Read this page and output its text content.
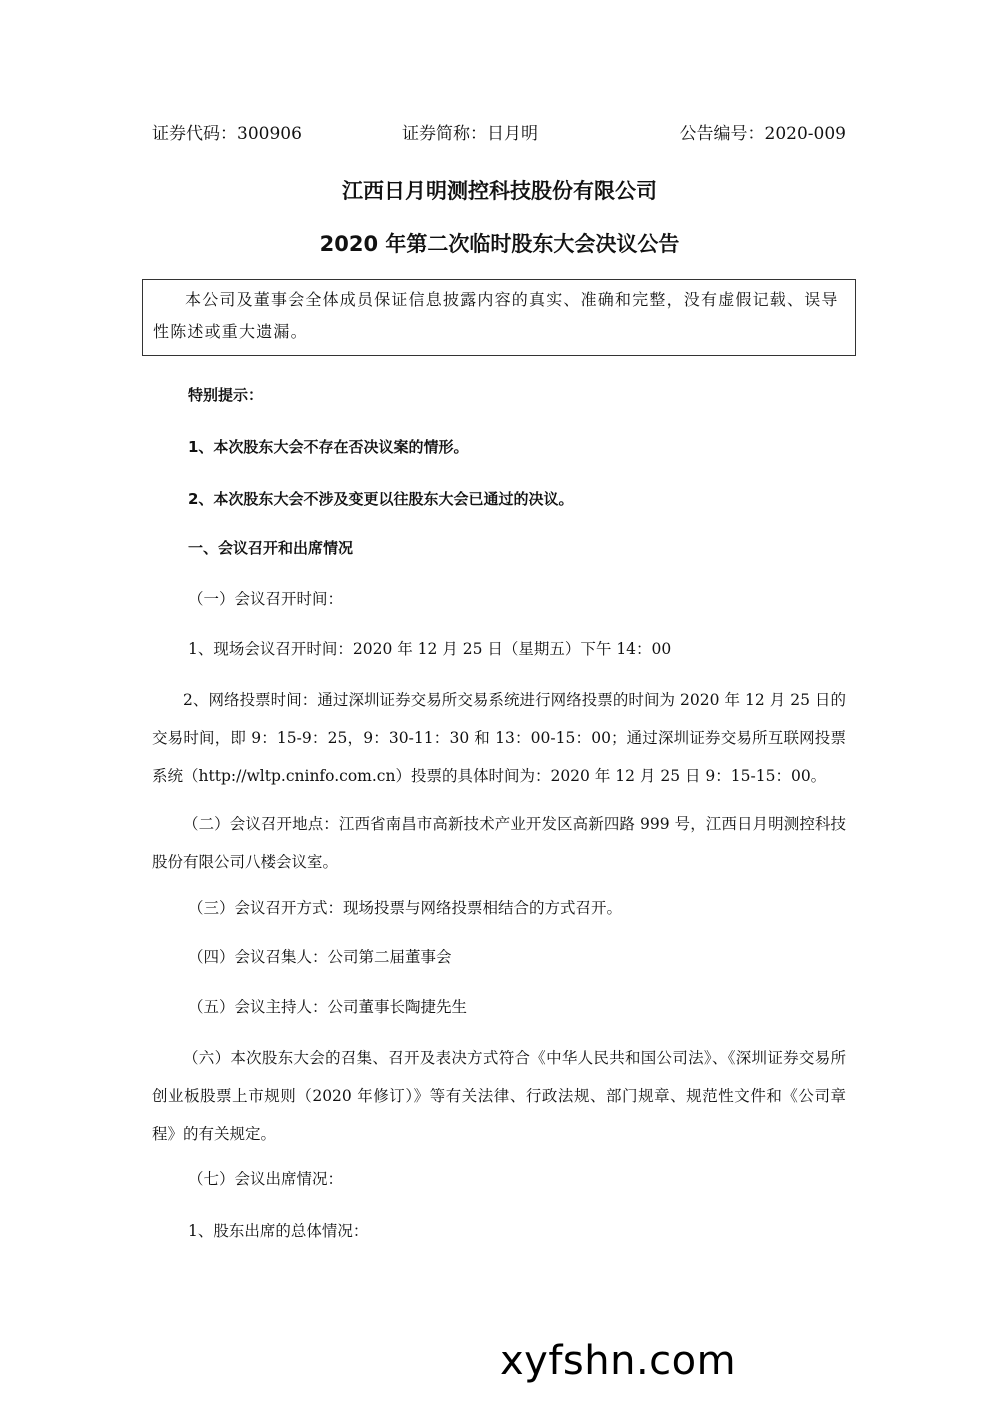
证券代码：300906	证券简称：日月明	公告编号：2020-009
江西日月明测控科技股份有限公司
2020 年第二次临时股东大会决议公告

本公司及董事会全体成员保证信息披露内容的真实、准确和完整，没有虚假记载、误导性陈述或重大遗漏。

特别提示：
1、本次股东大会不存在否决议案的情形。
2、本次股东大会不涉及变更以往股东大会已通过的决议。
一、会议召开和出席情况
（一）会议召开时间：
1、现场会议召开时间：2020 年 12 月 25 日（星期五）下午 14：00

2、网络投票时间：通过深圳证券交易所交易系统进行网络投票的时间为 2020 年 12 月 25 日的交易时间，即 9：15-9：25，9：30-11：30 和 13：00-15：00；通过深圳证券交易所互联网投票系统（http://wltp.cninfo.com.cn）投票的具体时间为：2020 年 12 月 25 日 9：15-15：00。

（二）会议召开地点：江西省南昌市高新技术产业开发区高新四路 999 号，江西日月明测控科技股份有限公司八楼会议室。

（三）会议召开方式：现场投票与网络投票相结合的方式召开。
（四）会议召集人：公司第二届董事会
（五）会议主持人：公司董事长陶捷先生

（六）本次股东大会的召集、召开及表决方式符合《中华人民共和国公司法》、《深圳证券交易所创业板股票上市规则（2020 年修订）》等有关法律、行政法规、部门规章、规范性文件和《公司章程》的有关规定。

（七）会议出席情况：
1、股东出席的总体情况：
xyfshn.com
